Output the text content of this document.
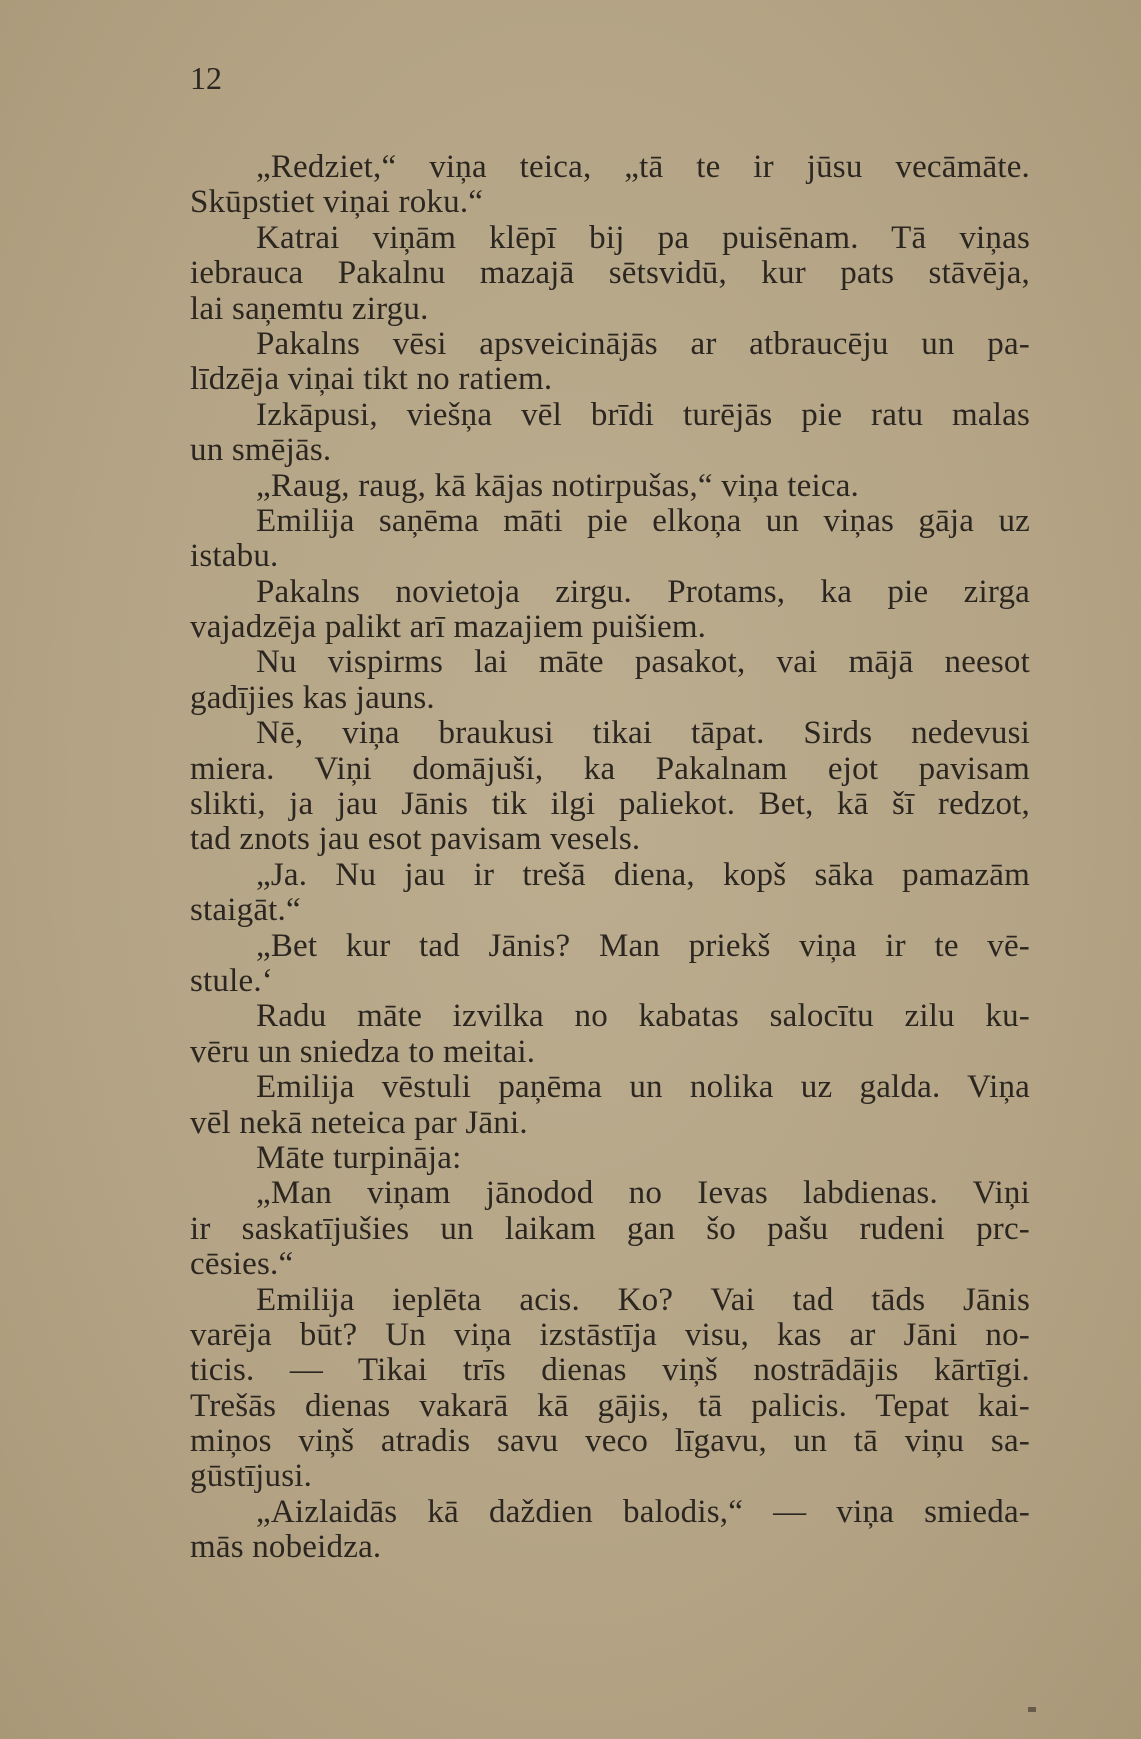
12
„Redziet,“ viņa teica, „tā te ir jūsu vecāmāte.
Skūpstiet viņai roku.“
Katrai viņām klēpī bij pa puisēnam. Tā viņas
iebrauca Pakalnu mazajā sētsvidū, kur pats stāvēja,
lai saņemtu zirgu.
Pakalns vēsi apsveicinājās ar atbraucēju un pa-
līdzēja viņai tikt no ratiem.
Izkāpusi, viešņa vēl brīdi turējās pie ratu malas
un smējās.
„Raug, raug, kā kājas notirpušas,“ viņa teica.
Emilija saņēma māti pie elkoņa un viņas gāja uz
istabu.
Pakalns novietoja zirgu. Protams, ka pie zirga
vajadzēja palikt arī mazajiem puišiem.
Nu vispirms lai māte pasakot, vai mājā neesot
gadījies kas jauns.
Nē, viņa braukusi tikai tāpat. Sirds nedevusi
miera. Viņi domājuši, ka Pakalnam ejot pavisam
slikti, ja jau Jānis tik ilgi paliekot. Bet, kā šī redzot,
tad znots jau esot pavisam vesels.
„Ja. Nu jau ir trešā diena, kopš sāka pamazām
staigāt.“
„Bet kur tad Jānis? Man priekš viņa ir te vē-
stule.‘
Radu māte izvilka no kabatas salocītu zilu ku-
vēru un sniedza to meitai.
Emilija vēstuli paņēma un nolika uz galda. Viņa
vēl nekā neteica par Jāni.
Māte turpināja:
„Man viņam jānodod no Ievas labdienas. Viņi
ir saskatījušies un laikam gan šo pašu rudeni prc-
cēsies.“
Emilija ieplēta acis. Ko? Vai tad tāds Jānis
varēja būt? Un viņa izstāstīja visu, kas ar Jāni no-
ticis. — Tikai trīs dienas viņš nostrādājis kārtīgi.
Trešās dienas vakarā kā gājis, tā palicis. Tepat kai-
miņos viņš atradis savu veco līgavu, un tā viņu sa-
gūstījusi.
„Aizlaidās kā daždien balodis,“ — viņa smieda-
mās nobeidza.
